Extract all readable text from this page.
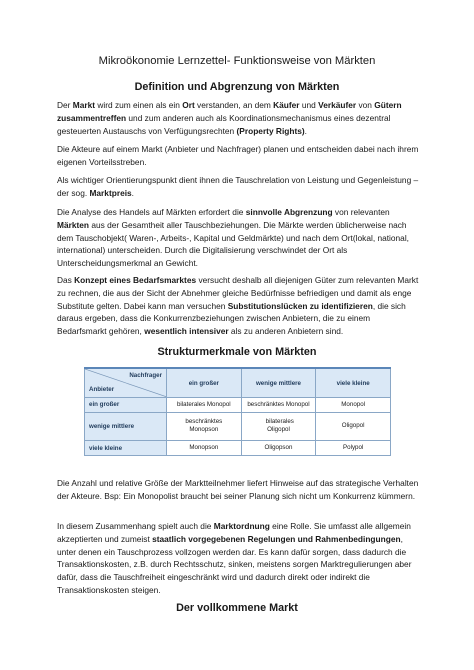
Mikroökonomie Lernzettel- Funktionsweise von Märkten
Definition und Abgrenzung von Märkten

Der Markt wird zum einen als ein Ort verstanden, an dem Käufer und Verkäufer von Gütern zusammentreffen und zum anderen auch als Koordinationsmechanismus eines dezentral gesteuerten Austauschs von Verfügungsrechten (Property Rights).

Die Akteure auf einem Markt (Anbieter und Nachfrager) planen und entscheiden dabei nach ihrem eigenen Vorteilsstreben.

Als wichtiger Orientierungspunkt dient ihnen die Tauschrelation von Leistung und Gegenleistung – der sog. Marktpreis.

Die Analyse des Handels auf Märkten erfordert die sinnvolle Abgrenzung von relevanten Märkten aus der Gesamtheit aller Tauschbeziehungen. Die Märkte werden üblicherweise nach dem Tauschobjekt( Waren-, Arbeits-, Kapital und Geldmärkte) und nach dem Ort(lokal, national, international) unterscheiden. Durch die Digitalisierung verschwindet der Ort als Unterscheidungsmerkmal an Gewicht.

Das Konzept eines Bedarfsmarktes versucht deshalb all diejenigen Güter zum relevanten Markt zu rechnen, die aus der Sicht der Abnehmer gleiche Bedürfnisse befriedigen und damit als enge Substitute gelten. Dabei kann man versuchen Substitutionslücken zu identifizieren, die sich daraus ergeben, dass die Konkurrenzbeziehungen zwischen Anbietern, die zu einem Bedarfsmarkt gehören, wesentlich intensiver als zu anderen Anbietern sind.

Strukturmerkmale von Märkten
Nachfrager
Anbieter	ein großer	wenige mittlere	viele kleine
ein großer	bilaterales Monopol	beschränktes Monopol	Monopol
wenige mittlere	beschränktes Monopson	bilaterales Oligopol	Oligopol
viele kleine	Monopson	Oligopson	Polypol

Die Anzahl und relative Größe der Marktteilnehmer liefert Hinweise auf das strategische Verhalten der Akteure. Bsp: Ein Monopolist braucht bei seiner Planung sich nicht um Konkurrenz kümmern.

In diesem Zusammenhang spielt auch die Marktordnung eine Rolle. Sie umfasst alle allgemein akzeptierten und zumeist staatlich vorgegebenen Regelungen und Rahmenbedingungen, unter denen ein Tauschprozess vollzogen werden dar. Es kann dafür sorgen, dass dadurch die Transaktionskosten, z.B. durch Rechtsschutz, sinken, meistens sorgen Marktregulierungen aber dafür, dass die Tauschfreiheit eingeschränkt wird und dadurch direkt oder indirekt die Transaktionskosten steigen.

Der vollkommene Markt
